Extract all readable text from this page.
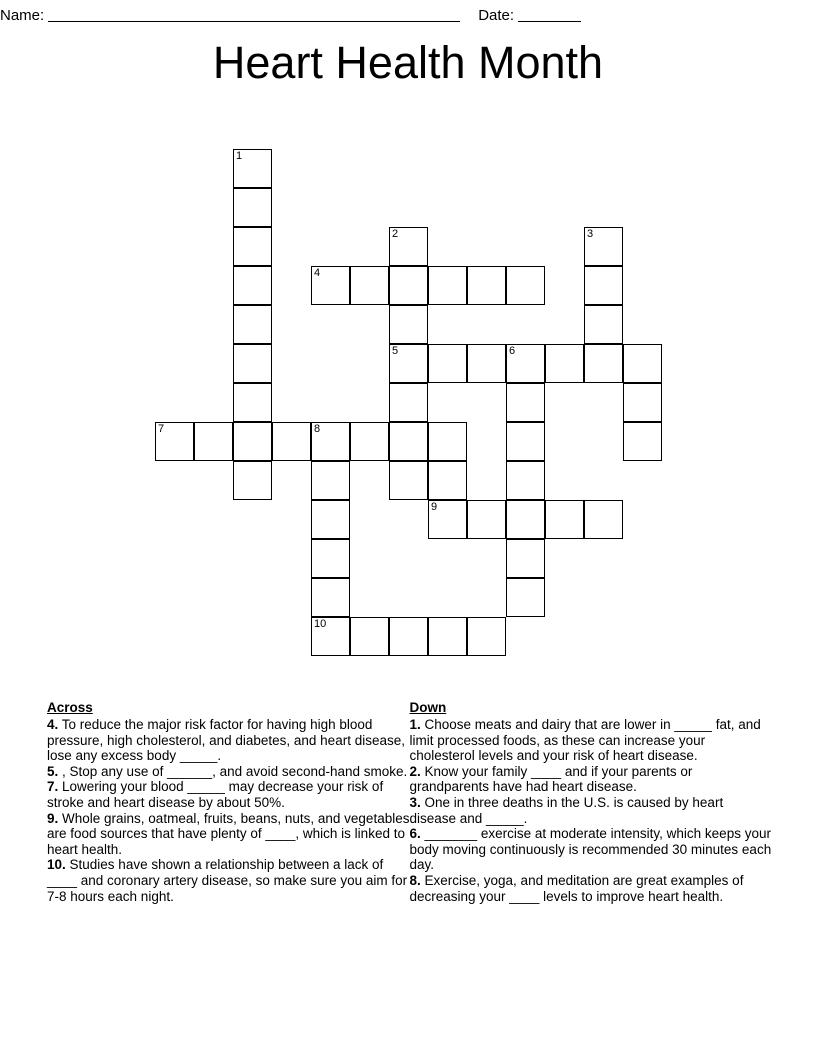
Name:	Date:
Heart Health Month
1
2	3
4
5	6
7	8
9
10
Across

4. To reduce the major risk factor for having high blood pressure, high cholesterol, and diabetes, and heart disease, lose any excess body _____.

5. , Stop any use of ______, and avoid second-hand smoke.

7. Lowering your blood _____ may decrease your risk of stroke and heart disease by about 50%.

9. Whole grains, oatmeal, fruits, beans, nuts, and vegetables are food sources that have plenty of ____, which is linked to heart health.

10. Studies have shown a relationship between a lack of ____ and coronary artery disease, so make sure you aim for 7-8 hours each night.

Down

1. Choose meats and dairy that are lower in _____ fat, and limit processed foods, as these can increase your cholesterol levels and your risk of heart disease.

2. Know your family ____ and if your parents or grandparents have had heart disease.

3. One in three deaths in the U.S. is caused by heart disease and _____.

6. _______ exercise at moderate intensity, which keeps your body moving continuously is recommended 30 minutes each day.

8. Exercise, yoga, and meditation are great examples of decreasing your ____ levels to improve heart health.
